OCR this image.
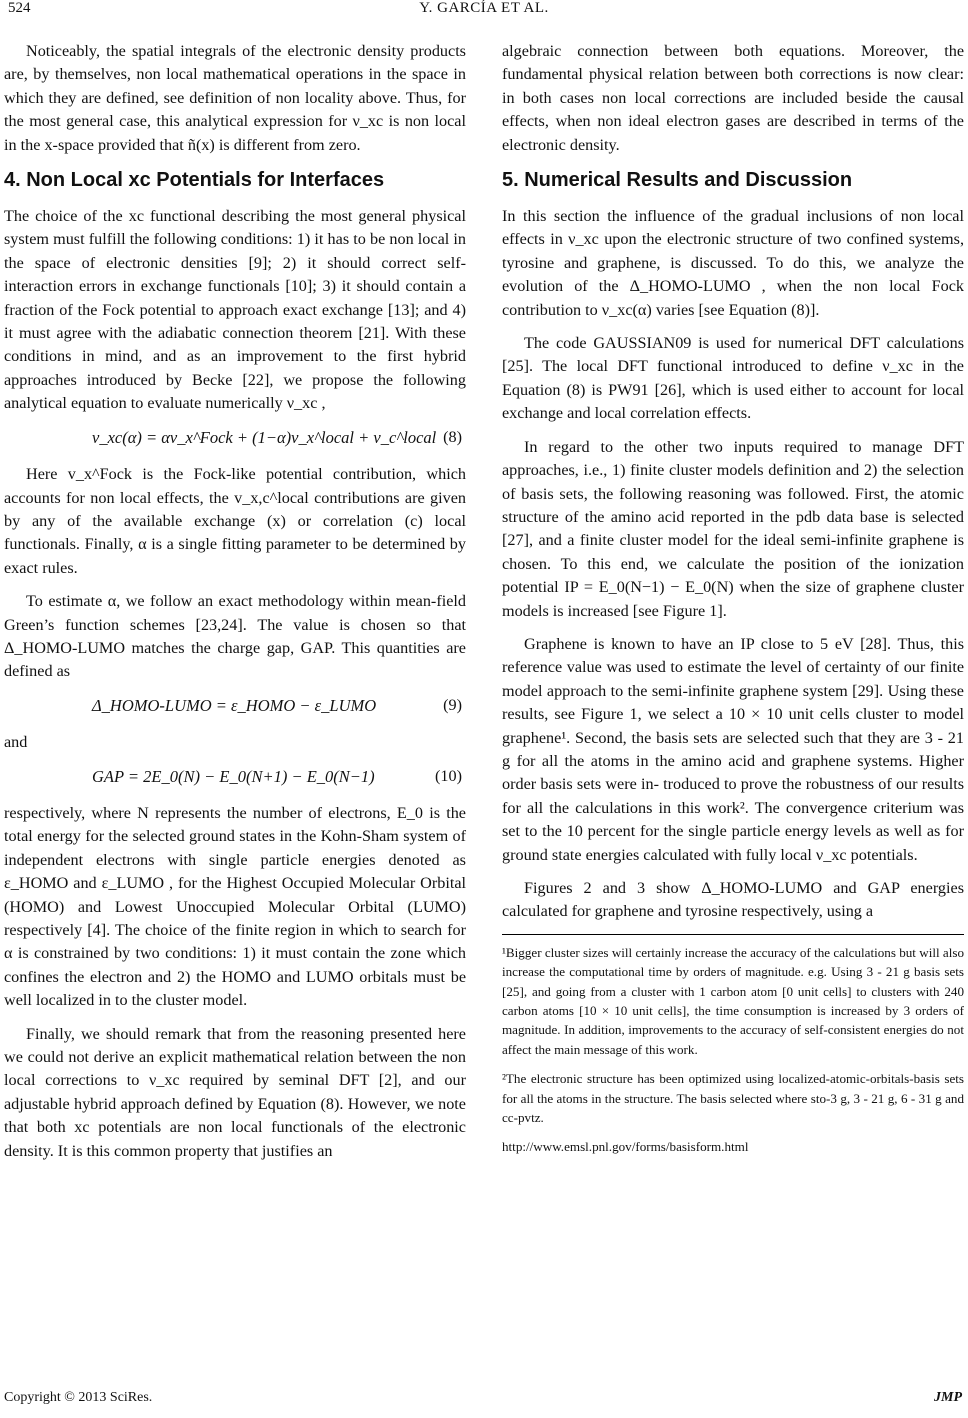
524	Y. GARCÍA ET AL.

Noticeably, the spatial integrals of the electronic density products are, by themselves, non local mathematical operations in the space in which they are defined, see definition of non locality above. Thus, for the most general case, this analytical expression for ν_xc is non local in the x-space provided that ñ(x) is different from zero.

4. Non Local xc Potentials for Interfaces

The choice of the xc functional describing the most general physical system must fulfill the following conditions: 1) it has to be non local in the space of electronic densities [9]; 2) it should correct self-interaction errors in exchange functionals [10]; 3) it should contain a fraction of the Fock potential to approach exact exchange [13]; and 4) it must agree with the adiabatic connection theorem [21]. With these conditions in mind, and as an improvement to the first hybrid approaches introduced by Becke [22], we propose the following analytical equation to evaluate numerically ν_xc ,

v_xc(α) = αv_x^Fock + (1−α)v_x^local + v_c^local (8)

Here v_x^Fock is the Fock-like potential contribution, which accounts for non local effects, the v_x,c^local contributions are given by any of the available exchange (x) or correlation (c) local functionals. Finally, α is a single fitting parameter to be determined by exact rules.

To estimate α, we follow an exact methodology within mean-field Green’s function schemes [23,24]. The value is chosen so that Δ_HOMO-LUMO matches the charge gap, GAP. This quantities are defined as

Δ_HOMO-LUMO = ε_HOMO − ε_LUMO	(9)

and

GAP = 2E_0(N) − E_0(N+1) − E_0(N−1)	(10)

respectively, where N represents the number of electrons, E_0 is the total energy for the selected ground states in the Kohn-Sham system of independent electrons with single particle energies denoted as ε_HOMO and ε_LUMO , for the Highest Occupied Molecular Orbital (HOMO) and Lowest Unoccupied Molecular Orbital (LUMO) respectively [4]. The choice of the finite region in which to search for α is constrained by two conditions: 1) it must contain the zone which confines the electron and 2) the HOMO and LUMO orbitals must be well localized in to the cluster model.

Finally, we should remark that from the reasoning presented here we could not derive an explicit mathematical relation between the non local corrections to ν_xc required by seminal DFT [2], and our adjustable hybrid approach defined by Equation (8). However, we note that both xc potentials are non local functionals of the electronic density. It is this common property that justifies an

algebraic connection between both equations. Moreover, the fundamental physical relation between both corrections is now clear: in both cases non local corrections are included beside the causal effects, when non ideal electron gases are described in terms of the electronic density.

5. Numerical Results and Discussion

In this section the influence of the gradual inclusions of non local effects in ν_xc upon the electronic structure of two confined systems, tyrosine and graphene, is discussed. To do this, we analyze the evolution of the Δ_HOMO-LUMO , when the non local Fock contribution to ν_xc(α) varies [see Equation (8)].

The code GAUSSIAN09 is used for numerical DFT calculations [25]. The local DFT functional introduced to define ν_xc in the Equation (8) is PW91 [26], which is used either to account for local exchange and local correlation effects.

In regard to the other two inputs required to manage DFT approaches, i.e., 1) finite cluster models definition and 2) the selection of basis sets, the following reasoning was followed. First, the atomic structure of the amino acid reported in the pdb data base is selected [27], and a finite cluster model for the ideal semi-infinite graphene is chosen. To this end, we calculate the position of the ionization potential IP = E_0(N−1) − E_0(N) when the size of graphene cluster models is increased [see Figure 1].

Graphene is known to have an IP close to 5 eV [28]. Thus, this reference value was used to estimate the level of certainty of our finite model approach to the semi-infinite graphene system [29]. Using these results, see Figure 1, we select a 10 × 10 unit cells cluster to model graphene¹. Second, the basis sets are selected such that they are 3 - 21 g for all the atoms in the amino acid and graphene systems. Higher order basis sets were in- troduced to prove the robustness of our results for all the calculations in this work². The convergence criterium was set to the 10 percent for the single particle energy levels as well as for ground state energies calculated with fully local ν_xc potentials.

Figures 2 and 3 show Δ_HOMO-LUMO and GAP energies calculated for graphene and tyrosine respectively, using a

¹Bigger cluster sizes will certainly increase the accuracy of the calculations but will also increase the computational time by orders of magnitude. e.g. Using 3 - 21 g basis sets [25], and going from a cluster with 1 carbon atom [0 unit cells] to clusters with 240 carbon atoms [10 × 10 unit cells], the time consumption is increased by 3 orders of magnitude. In addition, improvements to the accuracy of self-consistent energies do not affect the main message of this work.

²The electronic structure has been optimized using localized-atomic-orbitals-basis sets for all the atoms in the structure. The basis selected where sto-3 g, 3 - 21 g, 6 - 31 g and cc-pvtz.

http://www.emsl.pnl.gov/forms/basisform.html
Copyright © 2013 SciRes.	JMP
